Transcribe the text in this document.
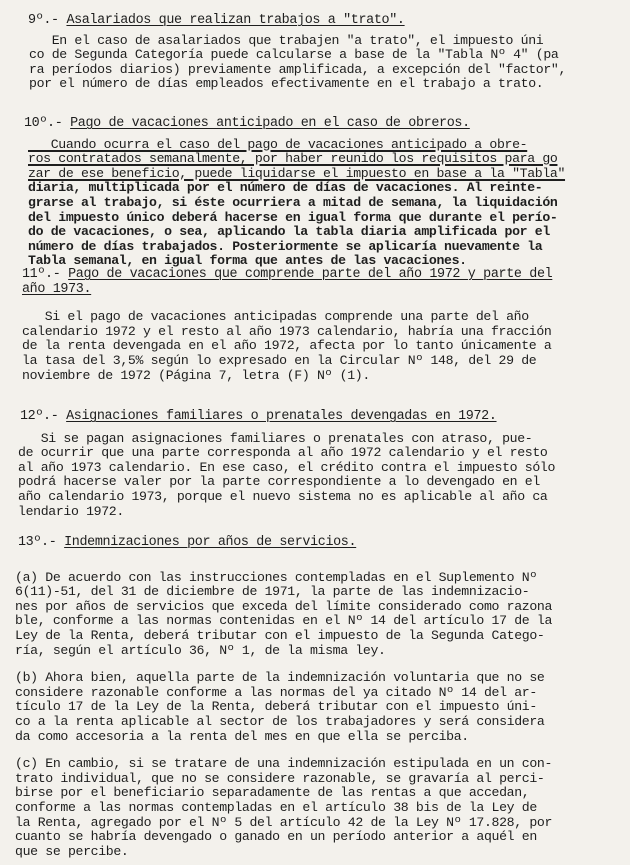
9º.- Asalariados que realizan trabajos a "trato".
En el caso de asalariados que trabajen "a trato", el impuesto úni
co de Segunda Categoría puede calcularse a base de la "Tabla Nº 4" (pa
ra períodos diarios) previamente amplificada, a excepción del "factor",
por el número de días empleados efectivamente en el trabajo a trato.
10º.- Pago de vacaciones anticipado en el caso de obreros.
Cuando ocurra el caso del pago de vacaciones anticipado a obre-
ros contratados semanalmente, por haber reunido los requisitos para go
zar de ese beneficio, puede liquidarse el impuesto en base a la "Tabla"
diaria, multiplicada por el número de días de vacaciones. Al reinte-
grarse al trabajo, si éste ocurriera a mitad de semana, la liquidación
del impuesto único deberá hacerse en igual forma que durante el perío-
do de vacaciones, o sea, aplicando la tabla diaria amplificada por el
número de días trabajados. Posteriormente se aplicaría nuevamente la
Tabla semanal, en igual forma que antes de las vacaciones.
11º.- Pago de vacaciones que comprende parte del año 1972 y parte del
año 1973.
Si el pago de vacaciones anticipadas comprende una parte del año
calendario 1972 y el resto al año 1973 calendario, habría una fracción
de la renta devengada en el año 1972, afecta por lo tanto únicamente a
la tasa del 3,5% según lo expresado en la Circular Nº 148, del 29 de
noviembre de 1972 (Página 7, letra (F) Nº (1).
12º.- Asignaciones familiares o prenatales devengadas en 1972.
Si se pagan asignaciones familiares o prenatales con atraso, pue-
de ocurrir que una parte corresponda al año 1972 calendario y el resto
al año 1973 calendario. En ese caso, el crédito contra el impuesto sólo
podrá hacerse valer por la parte correspondiente a lo devengado en el
año calendario 1973, porque el nuevo sistema no es aplicable al año ca
lendario 1972.
13º.- Indemnizaciones por años de servicios.
(a) De acuerdo con las instrucciones contempladas en el Suplemento Nº
6(11)-51, del 31 de diciembre de 1971, la parte de las indemnizacio-
nes por años de servicios que exceda del límite considerado como razona
ble, conforme a las normas contenidas en el Nº 14 del artículo 17 de la
Ley de la Renta, deberá tributar con el impuesto de la Segunda Catego-
ría, según el artículo 36, Nº 1, de la misma ley.
(b) Ahora bien, aquella parte de la indemnización voluntaria que no se
considere razonable conforme a las normas del ya citado Nº 14 del ar-
tículo 17 de la Ley de la Renta, deberá tributar con el impuesto úni-
co a la renta aplicable al sector de los trabajadores y será considera
da como accesoria a la renta del mes en que ella se perciba.
(c) En cambio, si se tratare de una indemnización estipulada en un con-
trato individual, que no se considere razonable, se gravaría al perci-
birse por el beneficiario separadamente de las rentas a que accedan,
conforme a las normas contempladas en el artículo 38 bis de la Ley de
la Renta, agregado por el Nº 5 del artículo 42 de la Ley Nº 17.828, por
cuanto se habría devengado o ganado en un período anterior a aquél en
que se percibe.
